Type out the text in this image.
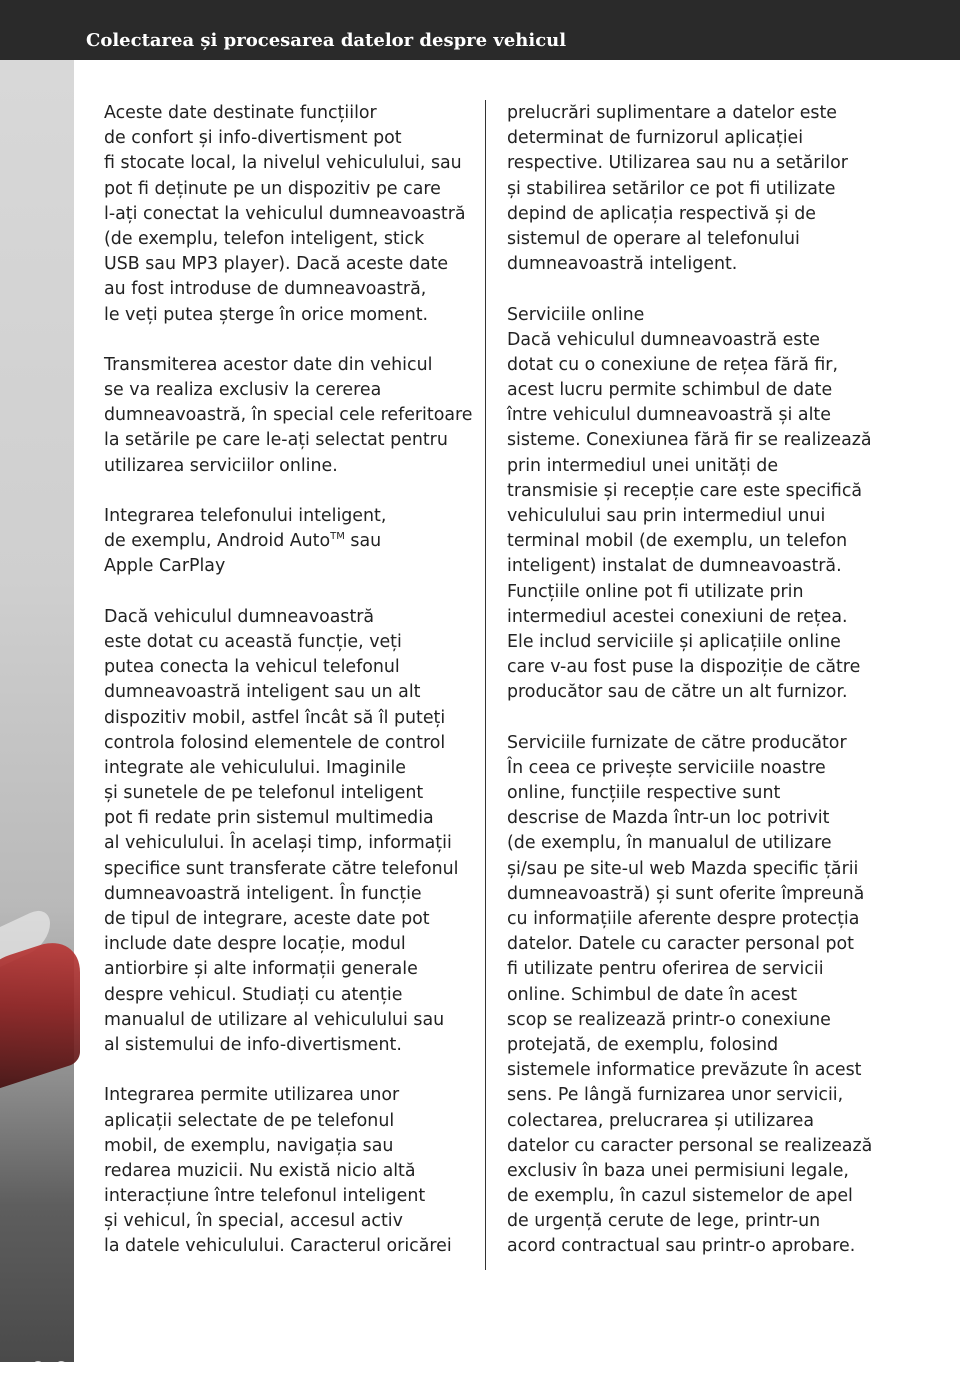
Colectarea și procesarea datelor despre vehicul
8-6
Aceste date destinate funcțiilor
de confort și info-divertisment pot
fi stocate local, la nivelul vehiculului, sau
pot fi deținute pe un dispozitiv pe care
l-ați conectat la vehiculul dumneavoastră
(de exemplu, telefon inteligent, stick
USB sau MP3 player). Dacă aceste date
au fost introduse de dumneavoastră,
le veți putea șterge în orice moment.
Transmiterea acestor date din vehicul
se va realiza exclusiv la cererea
dumneavoastră, în special cele referitoare
la setările pe care le-ați selectat pentru
utilizarea serviciilor online.
Integrarea telefonului inteligent,
de exemplu, Android Auto™ sau
Apple CarPlay
Dacă vehiculul dumneavoastră
este dotat cu această funcție, veți
putea conecta la vehicul telefonul
dumneavoastră inteligent sau un alt
dispozitiv mobil, astfel încât să îl puteți
controla folosind elementele de control
integrate ale vehiculului. Imaginile
și sunetele de pe telefonul inteligent
pot fi redate prin sistemul multimedia
al vehiculului. În același timp, informații
specifice sunt transferate către telefonul
dumneavoastră inteligent. În funcție
de tipul de integrare, aceste date pot
include date despre locație, modul
antiorbire și alte informații generale
despre vehicul. Studiați cu atenție
manualul de utilizare al vehiculului sau
al sistemului de info-divertisment.
Integrarea permite utilizarea unor
aplicații selectate de pe telefonul
mobil, de exemplu, navigația sau
redarea muzicii. Nu există nicio altă
interacțiune între telefonul inteligent
și vehicul, în special, accesul activ
la datele vehiculului. Caracterul oricărei
prelucrări suplimentare a datelor este
determinat de furnizorul aplicației
respective. Utilizarea sau nu a setărilor
și stabilirea setărilor ce pot fi utilizate
depind de aplicația respectivă și de
sistemul de operare al telefonului
dumneavoastră inteligent.
Serviciile online
Dacă vehiculul dumneavoastră este
dotat cu o conexiune de rețea fără fir,
acest lucru permite schimbul de date
între vehiculul dumneavoastră și alte
sisteme. Conexiunea fără fir se realizează
prin intermediul unei unități de
transmisie și recepție care este specifică
vehiculului sau prin intermediul unui
terminal mobil (de exemplu, un telefon
inteligent) instalat de dumneavoastră.
Funcțiile online pot fi utilizate prin
intermediul acestei conexiuni de rețea.
Ele includ serviciile și aplicațiile online
care v-au fost puse la dispoziție de către
producător sau de către un alt furnizor.
Serviciile furnizate de către producător
În ceea ce privește serviciile noastre
online, funcțiile respective sunt
descrise de Mazda într-un loc potrivit
(de exemplu, în manualul de utilizare
și/sau pe site-ul web Mazda specific țării
dumneavoastră) și sunt oferite împreună
cu informațiile aferente despre protecția
datelor. Datele cu caracter personal pot
fi utilizate pentru oferirea de servicii
online. Schimbul de date în acest
scop se realizează printr-o conexiune
protejată, de exemplu, folosind
sistemele informatice prevăzute în acest
sens. Pe lângă furnizarea unor servicii,
colectarea, prelucrarea și utilizarea
datelor cu caracter personal se realizează
exclusiv în baza unei permisiuni legale,
de exemplu, în cazul sistemelor de apel
de urgență cerute de lege, printr-un
acord contractual sau printr-o aprobare.
